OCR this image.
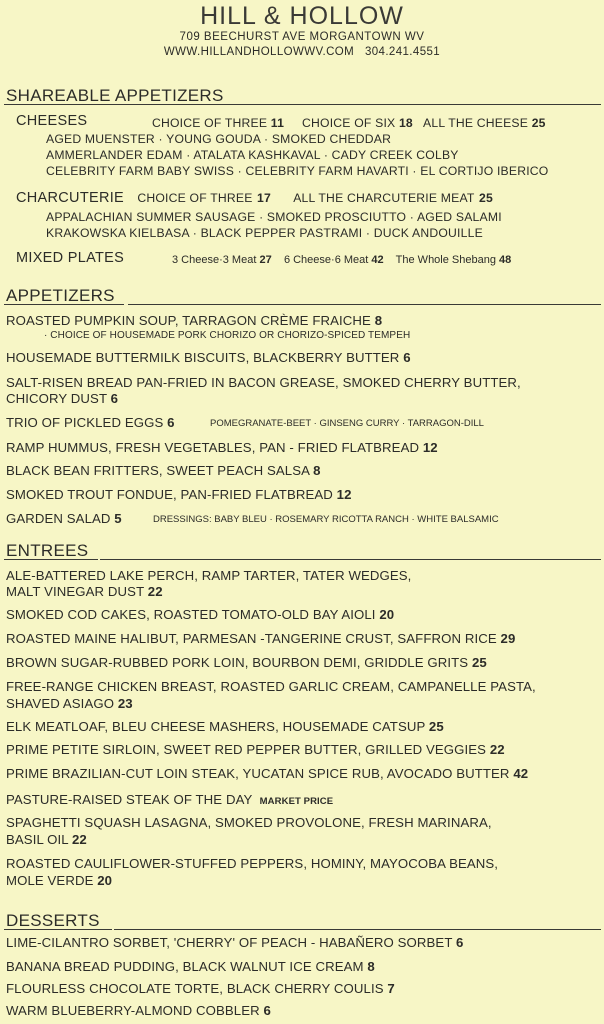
HILL & HOLLOW
709 BEECHURST AVE MORGANTOWN WV
WWW.HILLANDHOLLOWWV.COM 304.241.4551
SHAREABLE APPETIZERS
CHEESES	CHOICE OF THREE 11 CHOICE OF SIX 18 ALL THE CHEESE 25
AGED MUENSTER · YOUNG GOUDA · SMOKED CHEDDAR
AMMERLANDER EDAM · ATALATA KASHKAVAL · CADY CREEK COLBY
CELEBRITY FARM BABY SWISS · CELEBRITY FARM HAVARTI · EL CORTIJO IBERICO
CHARCUTERIE CHOICE OF THREE 17 ALL THE CHARCUTERIE MEAT 25
APPALACHIAN SUMMER SAUSAGE · SMOKED PROSCIUTTO · AGED SALAMI
KRAKOWSKA KIELBASA · BLACK PEPPER PASTRAMI · DUCK ANDOUILLE
MIXED PLATES	3 Cheese·3 Meat 27 6 Cheese·6 Meat 42 The Whole Shebang 48
APPETIZERS
ROASTED PUMPKIN SOUP, TARRAGON CRÈME FRAICHE 8
· CHOICE OF HOUSEMADE PORK CHORIZO OR CHORIZO-SPICED TEMPEH
HOUSEMADE BUTTERMILK BISCUITS, BLACKBERRY BUTTER 6
SALT-RISEN BREAD PAN-FRIED IN BACON GREASE, SMOKED CHERRY BUTTER,
CHICORY DUST 6
TRIO OF PICKLED EGGS 6	POMEGRANATE-BEET · GINSENG CURRY · TARRAGON-DILL
RAMP HUMMUS, FRESH VEGETABLES, PAN - FRIED FLATBREAD 12
BLACK BEAN FRITTERS, SWEET PEACH SALSA 8
SMOKED TROUT FONDUE, PAN-FRIED FLATBREAD 12
GARDEN SALAD 5	DRESSINGS: BABY BLEU · ROSEMARY RICOTTA RANCH · WHITE BALSAMIC
ENTREES
ALE-BATTERED LAKE PERCH, RAMP TARTER, TATER WEDGES,
MALT VINEGAR DUST 22
SMOKED COD CAKES, ROASTED TOMATO-OLD BAY AIOLI 20
ROASTED MAINE HALIBUT, PARMESAN -TANGERINE CRUST, SAFFRON RICE 29
BROWN SUGAR-RUBBED PORK LOIN, BOURBON DEMI, GRIDDLE GRITS 25
FREE-RANGE CHICKEN BREAST, ROASTED GARLIC CREAM, CAMPANELLE PASTA,
SHAVED ASIAGO 23
ELK MEATLOAF, BLEU CHEESE MASHERS, HOUSEMADE CATSUP 25
PRIME PETITE SIRLOIN, SWEET RED PEPPER BUTTER, GRILLED VEGGIES 22
PRIME BRAZILIAN-CUT LOIN STEAK, YUCATAN SPICE RUB, AVOCADO BUTTER 42
PASTURE-RAISED STEAK OF THE DAY MARKET PRICE
SPAGHETTI SQUASH LASAGNA, SMOKED PROVOLONE, FRESH MARINARA,
BASIL OIL 22
ROASTED CAULIFLOWER-STUFFED PEPPERS, HOMINY, MAYOCOBA BEANS,
MOLE VERDE 20
DESSERTS
LIME-CILANTRO SORBET, 'CHERRY' OF PEACH - HABAÑERO SORBET 6
BANANA BREAD PUDDING, BLACK WALNUT ICE CREAM 8
FLOURLESS CHOCOLATE TORTE, BLACK CHERRY COULIS 7
WARM BLUEBERRY-ALMOND COBBLER 6
